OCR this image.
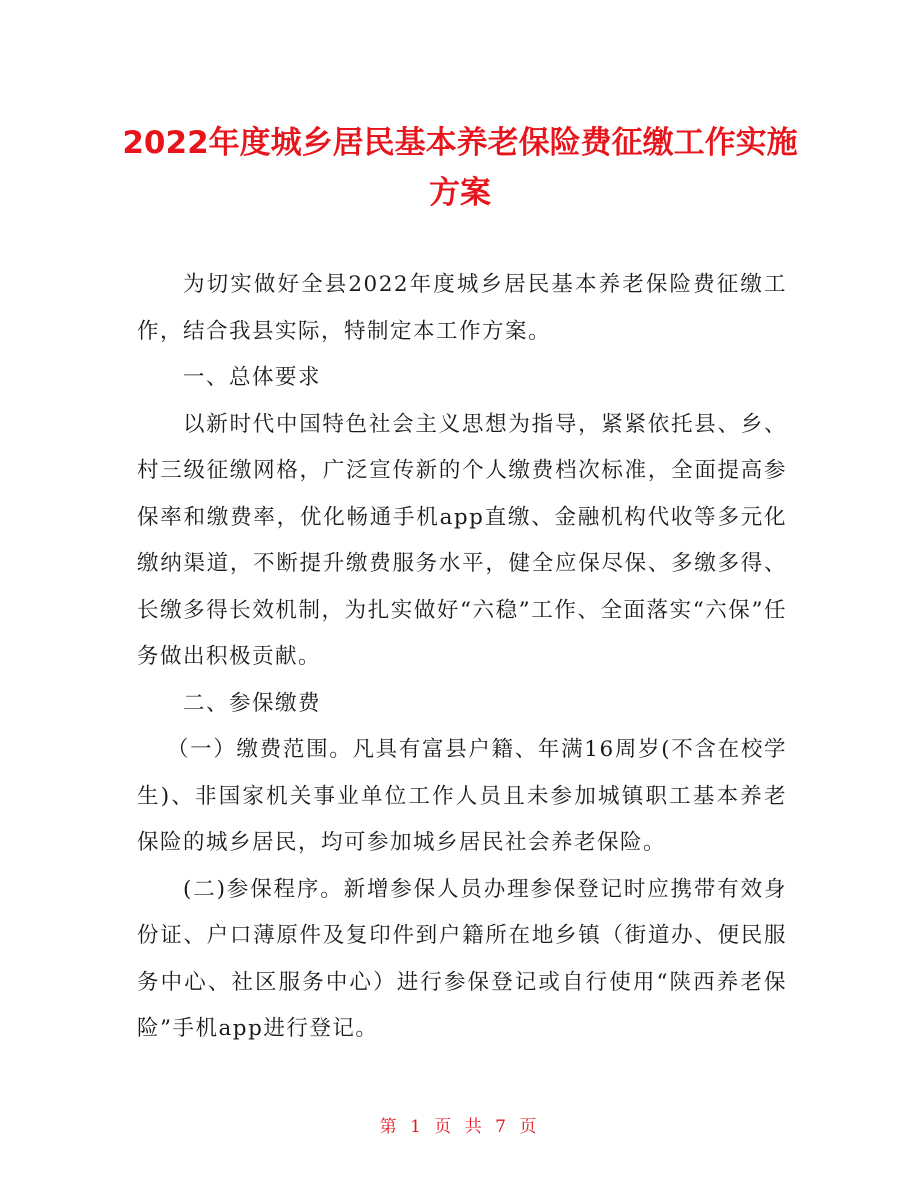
2022年度城乡居民基本养老保险费征缴工作实施方案

为切实做好全县2022年度城乡居民基本养老保险费征缴工作，结合我县实际，特制定本工作方案。

一、总体要求

以新时代中国特色社会主义思想为指导，紧紧依托县、乡、村三级征缴网格，广泛宣传新的个人缴费档次标准，全面提高参保率和缴费率，优化畅通手机app直缴、金融机构代收等多元化缴纳渠道，不断提升缴费服务水平，健全应保尽保、多缴多得、长缴多得长效机制，为扎实做好“六稳”工作、全面落实“六保”任务做出积极贡献。

二、参保缴费

（一）缴费范围。凡具有富县户籍、年满16周岁(不含在校学生)、非国家机关事业单位工作人员且未参加城镇职工基本养老保险的城乡居民，均可参加城乡居民社会养老保险。

(二)参保程序。新增参保人员办理参保登记时应携带有效身份证、户口薄原件及复印件到户籍所在地乡镇（街道办、便民服务中心、社区服务中心）进行参保登记或自行使用“陕西养老保险”手机app进行登记。

第 1 页 共 7 页
